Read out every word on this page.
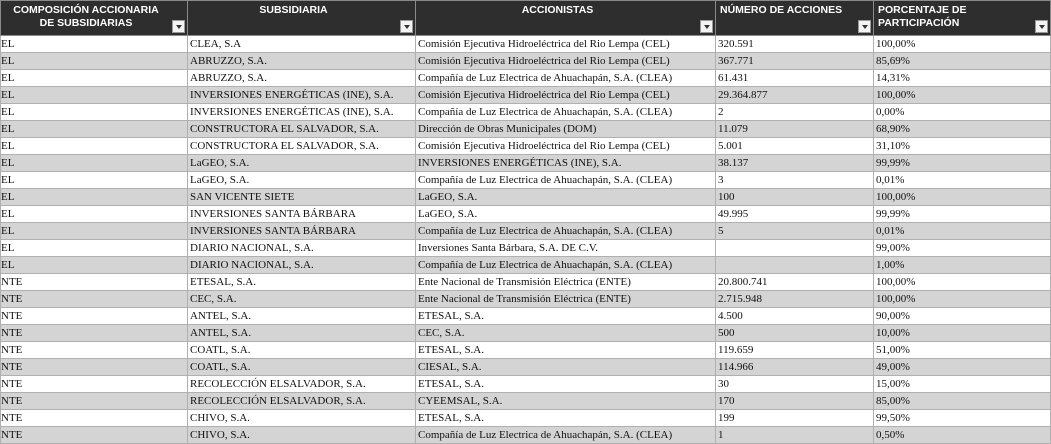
COMPOSICIÓN ACCIONARIA DE SUBSIDIARIAS	SUBSIDIARIA	ACCIONISTAS	NÚMERO DE ACCIONES	PORCENTAJE DE PARTICIPACIÓN

EL	CLEA, S.A	Comisión Ejecutiva Hidroeléctrica del Rio Lempa (CEL)	320.591	100,00%
EL	ABRUZZO, S.A.	Comisión Ejecutiva Hidroeléctrica del Rio Lempa (CEL)	367.771	85,69%
EL	ABRUZZO, S.A.	Compañía de Luz Electrica de Ahuachapán, S.A. (CLEA)	61.431	14,31%
EL	INVERSIONES ENERGÉTICAS (INE), S.A.	Comisión Ejecutiva Hidroeléctrica del Rio Lempa (CEL)	29.364.877	100,00%
EL	INVERSIONES ENERGÉTICAS (INE), S.A.	Compañía de Luz Electrica de Ahuachapán, S.A. (CLEA)	2	0,00%
EL	CONSTRUCTORA EL SALVADOR, S.A.	Dirección de Obras Municipales (DOM)	11.079	68,90%
EL	CONSTRUCTORA EL SALVADOR, S.A.	Comisión Ejecutiva Hidroeléctrica del Rio Lempa (CEL)	5.001	31,10%
EL	LaGEO, S.A.	INVERSIONES ENERGÉTICAS (INE), S.A.	38.137	99,99%
EL	LaGEO, S.A.	Compañía de Luz Electrica de Ahuachapán, S.A. (CLEA)	3	0,01%
EL	SAN VICENTE SIETE	LaGEO, S.A.	100	100,00%
EL	INVERSIONES SANTA BÁRBARA	LaGEO, S.A.	49.995	99,99%
EL	INVERSIONES SANTA BÁRBARA	Compañía de Luz Electrica de Ahuachapán, S.A. (CLEA)	5	0,01%
EL	DIARIO NACIONAL, S.A.	Inversiones Santa Bárbara, S.A. DE C.V.		99,00%
EL	DIARIO NACIONAL, S.A.	Compañía de Luz Electrica de Ahuachapán, S.A. (CLEA)		1,00%
NTE	ETESAL, S.A.	Ente Nacional de Transmisión Eléctrica (ENTE)	20.800.741	100,00%
NTE	CEC, S.A.	Ente Nacional de Transmisión Eléctrica (ENTE)	2.715.948	100,00%
NTE	ANTEL, S.A.	ETESAL, S.A.	4.500	90,00%
NTE	ANTEL, S.A.	CEC, S.A.	500	10,00%
NTE	COATL, S.A.	ETESAL, S.A.	119.659	51,00%
NTE	COATL, S.A.	CIESAL, S.A.	114.966	49,00%
NTE	RECOLECCIÓN ELSALVADOR, S.A.	ETESAL, S.A.	30	15,00%
NTE	RECOLECCIÓN ELSALVADOR, S.A.	CYEEMSAL, S.A.	170	85,00%
NTE	CHIVO, S.A.	ETESAL, S.A.	199	99,50%
NTE	CHIVO, S.A.	Compañía de Luz Electrica de Ahuachapán, S.A. (CLEA)	1	0,50%
